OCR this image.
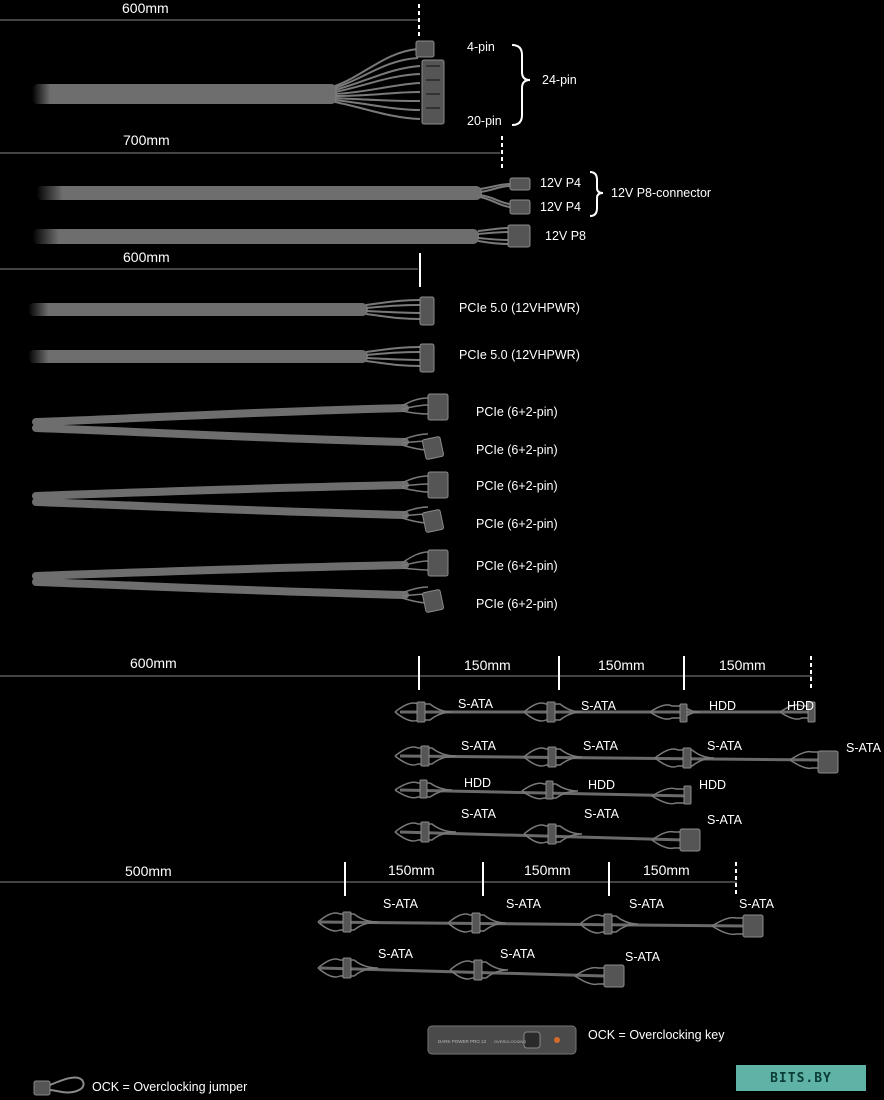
DARK POWER PRO 13 OVERCLOCKING
600mm
4-pin
24-pin
20-pin
700mm
12V P4
12V P4
12V P8-connector
12V P8
600mm
PCIe 5.0 (12VHPWR)
PCIe 5.0 (12VHPWR)
PCIe (6+2-pin)
PCIe (6+2-pin)
PCIe (6+2-pin)
PCIe (6+2-pin)
PCIe (6+2-pin)
PCIe (6+2-pin)
600mm	150mm	150mm	150mm
S-ATA	S-ATA	HDD	HDD
S-ATA	S-ATA	S-ATA	S-ATA
HDD	HDD	HDD
S-ATA	S-ATA	S-ATA
500mm	150mm	150mm	150mm
S-ATA	S-ATA	S-ATA	S-ATA
S-ATA	S-ATA	S-ATA
OCK = Overclocking key
OCK = Overclocking jumper
BITS.BY
